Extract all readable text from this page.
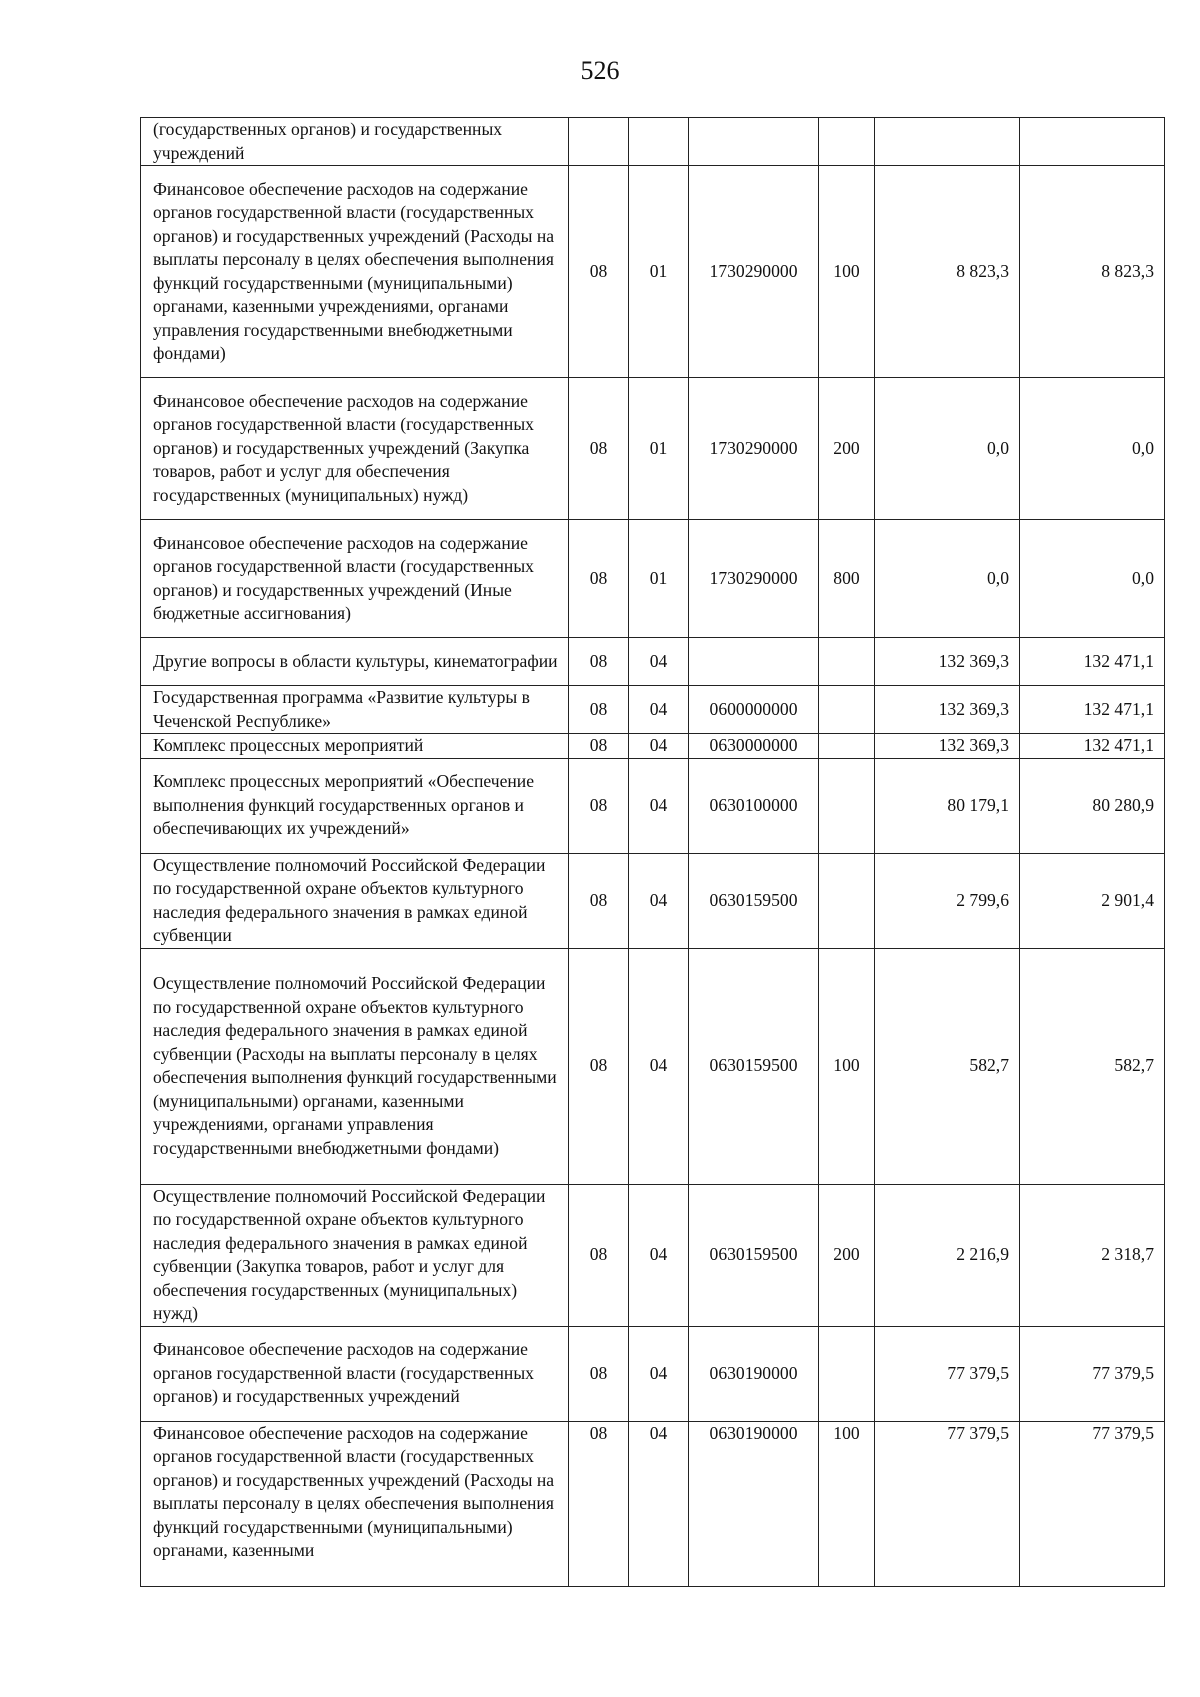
526
(государственных органов) и государственных учреждений						
Финансовое обеспечение расходов на содержание органов государственной власти (государственных органов) и государственных учреждений (Расходы на выплаты персоналу в целях обеспечения выполнения функций государственными (муниципальными) органами, казенными учреждениями, органами управления государственными внебюджетными фондами)	08	01	1730290000	100	8 823,3	8 823,3
Финансовое обеспечение расходов на содержание органов государственной власти (государственных органов) и государственных учреждений (Закупка товаров, работ и услуг для обеспечения государственных (муниципальных) нужд)	08	01	1730290000	200	0,0	0,0
Финансовое обеспечение расходов на содержание органов государственной власти (государственных органов) и государственных учреждений (Иные бюджетные ассигнования)	08	01	1730290000	800	0,0	0,0
Другие вопросы в области культуры, кинематографии	08	04			132 369,3	132 471,1
Государственная программа «Развитие культуры в Чеченской Республике»	08	04	0600000000		132 369,3	132 471,1
Комплекс процессных мероприятий	08	04	0630000000		132 369,3	132 471,1
Комплекс процессных мероприятий «Обеспечение выполнения функций государственных органов и обеспечивающих их учреждений»	08	04	0630100000		80 179,1	80 280,9
Осуществление полномочий Российской Федерации по государственной охране объектов культурного наследия федерального значения в рамках единой субвенции	08	04	0630159500		2 799,6	2 901,4
Осуществление полномочий Российской Федерации по государственной охране объектов культурного наследия федерального значения в рамках единой субвенции (Расходы на выплаты персоналу в целях обеспечения выполнения функций государственными (муниципальными) органами, казенными учреждениями, органами управления государственными внебюджетными фондами)	08	04	0630159500	100	582,7	582,7
Осуществление полномочий Российской Федерации по государственной охране объектов культурного наследия федерального значения в рамках единой субвенции (Закупка товаров, работ и услуг для обеспечения государственных (муниципальных) нужд)	08	04	0630159500	200	2 216,9	2 318,7
Финансовое обеспечение расходов на содержание органов государственной власти (государственных органов) и государственных учреждений	08	04	0630190000		77 379,5	77 379,5
Финансовое обеспечение расходов на содержание органов государственной власти (государственных органов) и государственных учреждений (Расходы на выплаты персоналу в целях обеспечения выполнения функций государственными (муниципальными) органами, казенными	08	04	0630190000	100	77 379,5	77 379,5
